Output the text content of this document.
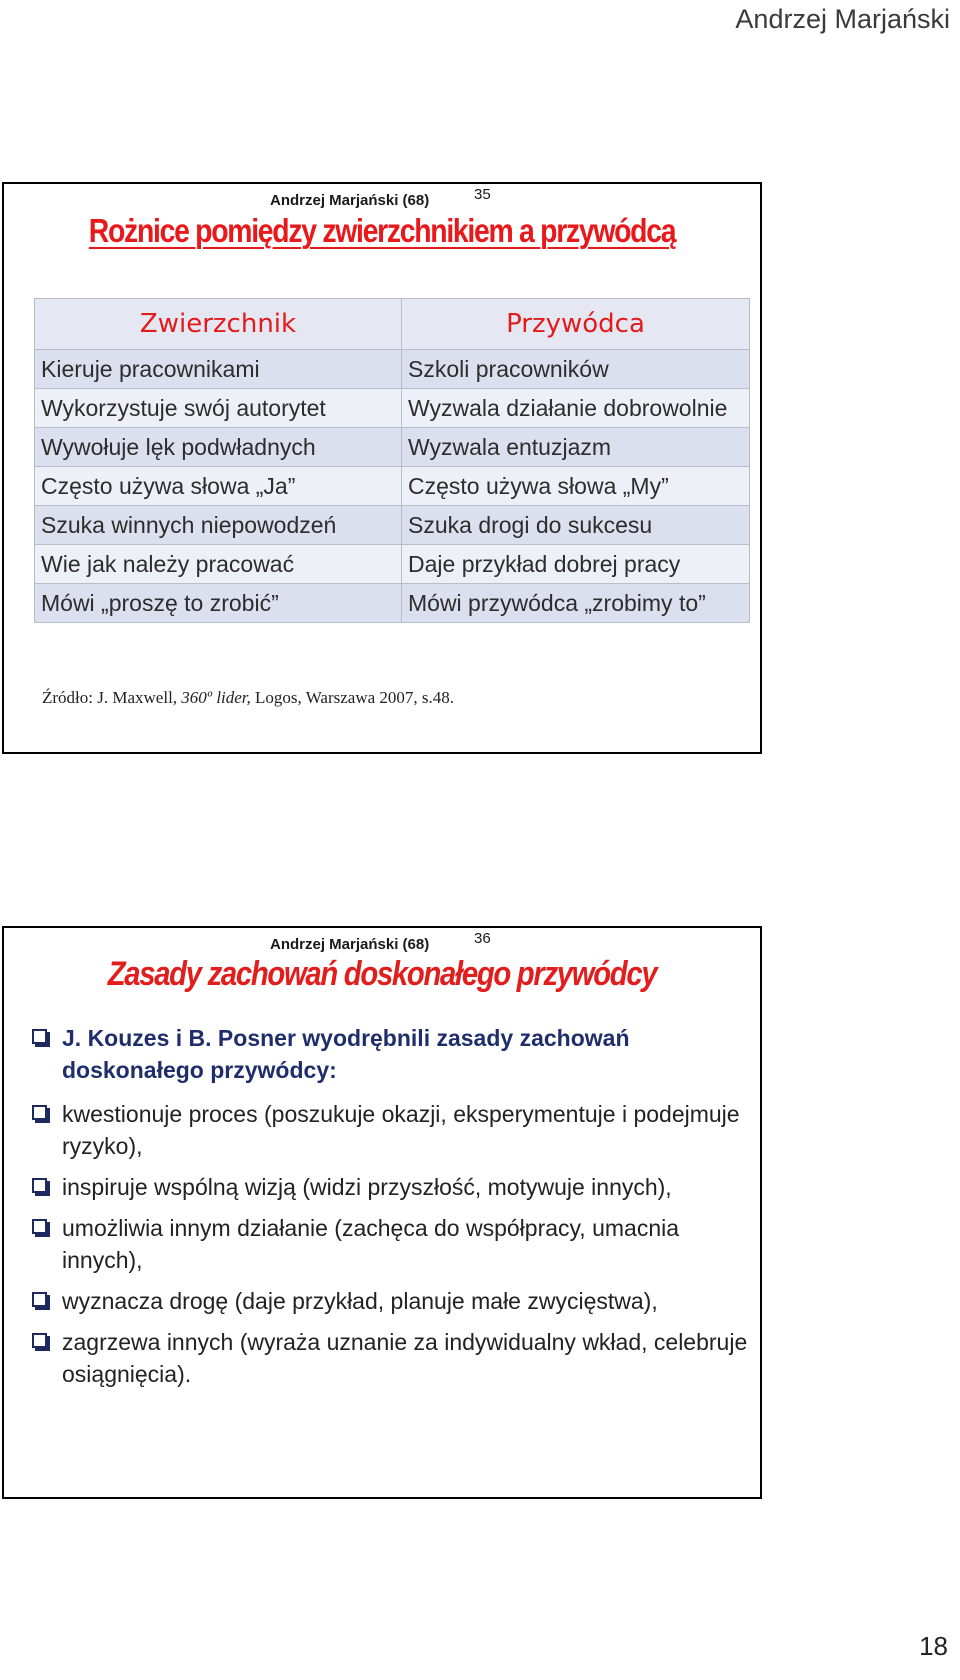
Andrzej Marjański
Andrzej Marjański (68)	35
Rożnice pomiędzy zwierzchnikiem a przywódcą
Zwierzchnik	Przywódca
Kieruje pracownikami	Szkoli pracowników
Wykorzystuje swój autorytet	Wyzwala działanie dobrowolnie
Wywołuje lęk podwładnych	Wyzwala entuzjazm
Często używa słowa „Ja”	Często używa słowa „My”
Szuka winnych niepowodzeń	Szuka drogi do sukcesu
Wie jak należy pracować	Daje przykład dobrej pracy
Mówi „proszę to zrobić”	Mówi przywódca „zrobimy to”
Źródło: J. Maxwell, 360º lider, Logos, Warszawa 2007, s.48.
Andrzej Marjański (68)	36
Zasady zachowań doskonałego przywódcy
J. Kouzes i B. Posner wyodrębnili zasady zachowań doskonałego przywódcy:
kwestionuje proces (poszukuje okazji, eksperymentuje i podejmuje ryzyko),
inspiruje wspólną wizją (widzi przyszłość, motywuje innych),
umożliwia innym działanie (zachęca do współpracy, umacnia innych),
wyznacza drogę (daje przykład, planuje małe zwycięstwa),
zagrzewa innych (wyraża uznanie za indywidualny wkład, celebruje osiągnięcia).
18
